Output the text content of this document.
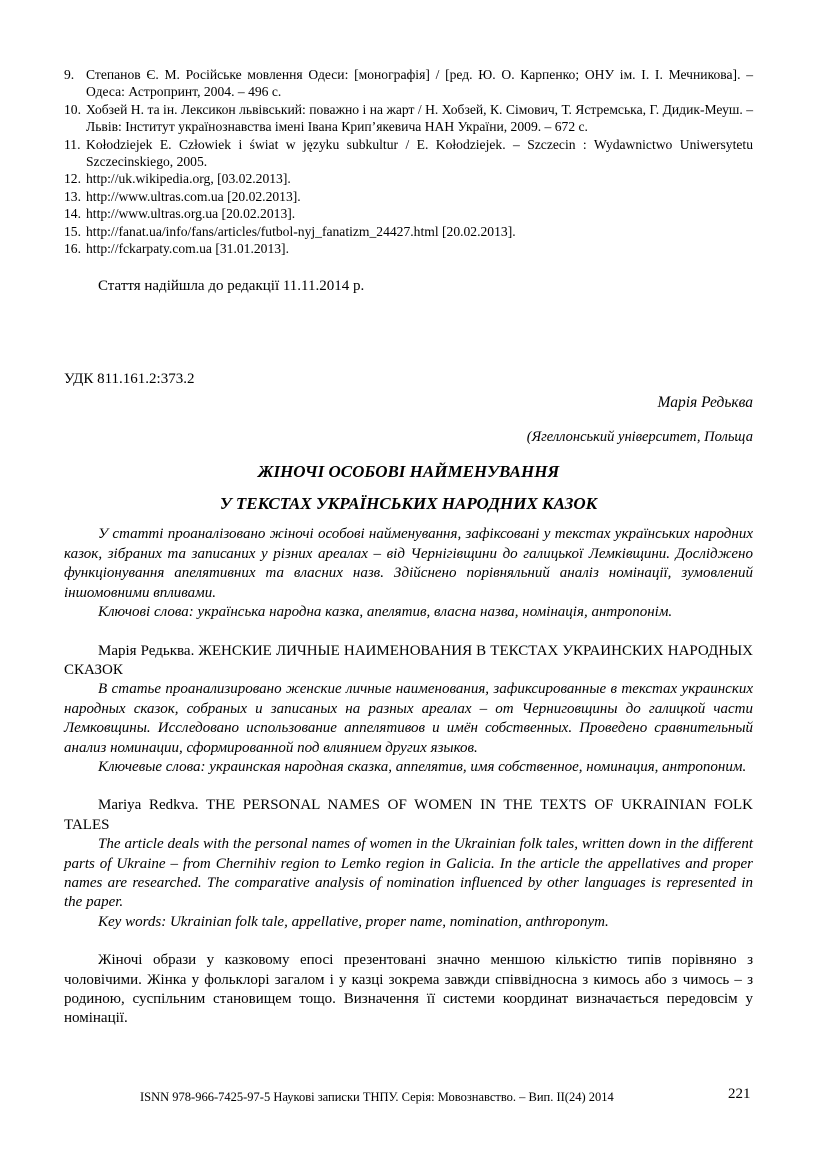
9. Степанов Є. М. Російське мовлення Одеси: [монографія] / [ред. Ю. О. Карпенко; ОНУ ім. І. І. Мечникова]. – Одеса: Астропринт, 2004. – 496 с.
10. Хобзей Н. та ін. Лексикон львівський: поважно і на жарт / Н. Хобзей, К. Сімович, Т. Ястремська, Г. Дидик-Меуш. – Львів: Інститут українознавства імені Івана Крип’якевича НАН України, 2009. – 672 с.
11. Kołodziejek E. Człowiek i świat w języku subkultur / E. Kołodziejek. – Szczecin : Wydawnictwo Uniwersytetu Szczecinskiego, 2005.
12. http://uk.wikipedia.org, [03.02.2013].
13. http://www.ultras.com.ua [20.02.2013].
14. http://www.ultras.org.ua [20.02.2013].
15. http://fanat.ua/info/fans/articles/futbol-nyj_fanatizm_24427.html [20.02.2013].
16. http://fckarpaty.com.ua [31.01.2013].

Стаття надійшла до редакції 11.11.2014 р.

УДК 811.161.2:373.2

Марія Редьква

(Ягеллонський університет, Польща

ЖІНОЧІ ОСОБОВІ НАЙМЕНУВАННЯ

У ТЕКСТАХ УКРАЇНСЬКИХ НАРОДНИХ КАЗОК

У статті проаналізовано жіночі особові найменування, зафіксовані у текстах українських народних казок, зібраних та записаних у різних ареалах – від Чернігівщини до галицької Лемківщини. Досліджено функціонування апелятивних та власних назв. Здійснено порівняльний аналіз номінації, зумовлений іншомовними впливами.

Ключові слова: українська народна казка, апелятив, власна назва, номінація, антропонім.

Марія Редьква. ЖЕНСКИЕ ЛИЧНЫЕ НАИМЕНОВАНИЯ В ТЕКСТАХ УКРАИНСКИХ НАРОДНЫХ СКАЗОК

В статье проанализировано женские личные наименования, зафиксированные в текстах украинских народных сказок, собраных и записаных на разных ареалах – от Черниговщины до галицкой части Лемковщины. Исследовано использование аппелятивов и имён собственных. Проведено сравнительный анализ номинации, сформированной под влиянием других языков.

Ключевые слова: украинская народная сказка, аппелятив, имя собственное, номинация, антропоним.

Mariya Redkva. THE PERSONAL NAMES OF WOMEN IN THE TEXTS OF UKRAINIAN FOLK TALES

The article deals with the personal names of women in the Ukrainian folk tales, written down in the different parts of Ukraine – from Chernihiv region to Lemko region in Galicia. In the article the appellatives and proper names are researched. The comparative analysis of nomination influenced by other languages is represented in the paper.

Key words: Ukrainian folk tale, appellative, proper name, nomination, anthroponym.

Жіночі образи у казковому епосі презентовані значно меншою кількістю типів порівняно з чоловічими. Жінка у фольклорі загалом і у казці зокрема завжди співвідносна з кимось або з чимось – з родиною, суспільним становищем тощо. Визначення її системи координат визначається передовсім у номінації.

ISNN 978-966-7425-97-5 Наукові записки ТНПУ. Серія: Мовознавство. – Вип. ІІ(24) 2014	221
